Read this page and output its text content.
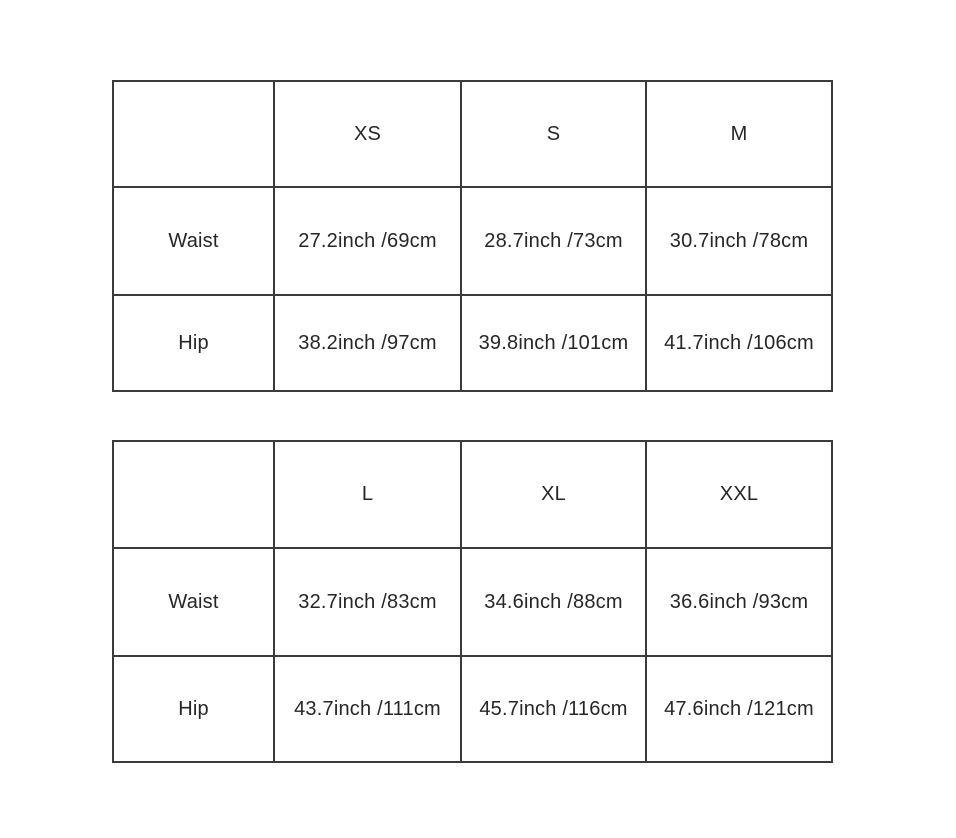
	XS	S	M
Waist	27.2inch /69cm	28.7inch /73cm	30.7inch /78cm
Hip	38.2inch /97cm	39.8inch /101cm	41.7inch /106cm
	L	XL	XXL
Waist	32.7inch /83cm	34.6inch /88cm	36.6inch /93cm
Hip	43.7inch /111cm	45.7inch /116cm	47.6inch /121cm
